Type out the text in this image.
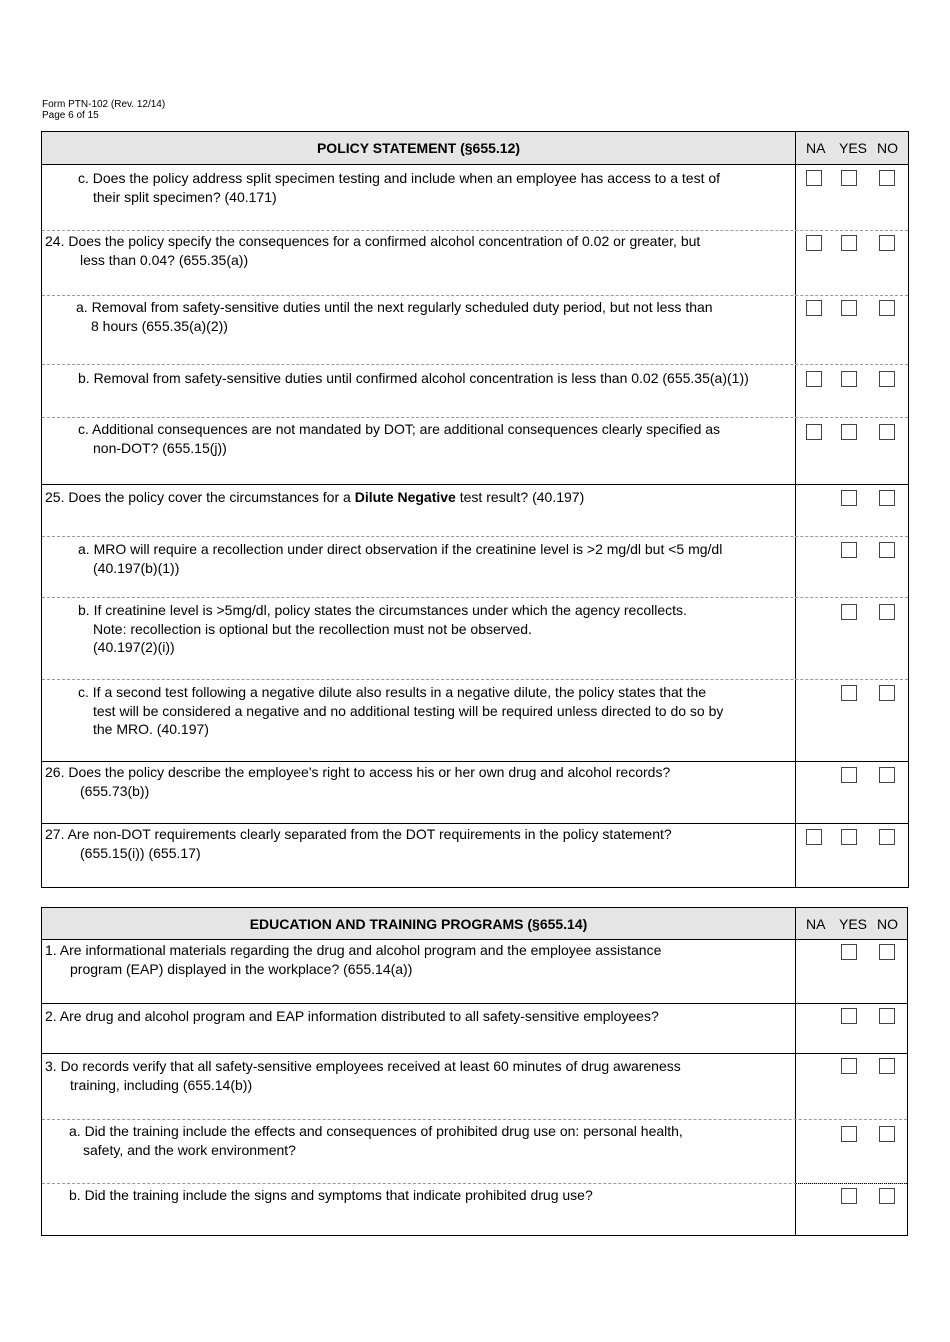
Form PTN-102 (Rev. 12/14)
Page 6 of 15
POLICY STATEMENT (§655.12)	NA YES NO

c. Does the policy address split specimen testing and include when an employee has access to a test of

their split specimen? (40.171)

24. Does the policy specify the consequences for a confirmed alcohol concentration of 0.02 or greater, but

less than 0.04? (655.35(a))

a. Removal from safety-sensitive duties until the next regularly scheduled duty period, but not less than

8 hours (655.35(a)(2))

b. Removal from safety-sensitive duties until confirmed alcohol concentration is less than 0.02 (655.35(a)(1))

c. Additional consequences are not mandated by DOT; are additional consequences clearly specified as

non-DOT? (655.15(j))

25. Does the policy cover the circumstances for a Dilute Negative test result? (40.197)

a. MRO will require a recollection under direct observation if the creatinine level is >2 mg/dl but <5 mg/dl

(40.197(b)(1))

b. If creatinine level is >5mg/dl, policy states the circumstances under which the agency recollects.

Note: recollection is optional but the recollection must not be observed.

(40.197(2)(i))

c. If a second test following a negative dilute also results in a negative dilute, the policy states that the

test will be considered a negative and no additional testing will be required unless directed to do so by

the MRO. (40.197)

26. Does the policy describe the employee's right to access his or her own drug and alcohol records?

(655.73(b))

27. Are non-DOT requirements clearly separated from the DOT requirements in the policy statement?

(655.15(i)) (655.17)

EDUCATION AND TRAINING PROGRAMS (§655.14)	NA YES NO

1. Are informational materials regarding the drug and alcohol program and the employee assistance

program (EAP) displayed in the workplace? (655.14(a))

2. Are drug and alcohol program and EAP information distributed to all safety-sensitive employees?

3. Do records verify that all safety-sensitive employees received at least 60 minutes of drug awareness

training, including (655.14(b))

a. Did the training include the effects and consequences of prohibited drug use on: personal health,

safety, and the work environment?

b. Did the training include the signs and symptoms that indicate prohibited drug use?
